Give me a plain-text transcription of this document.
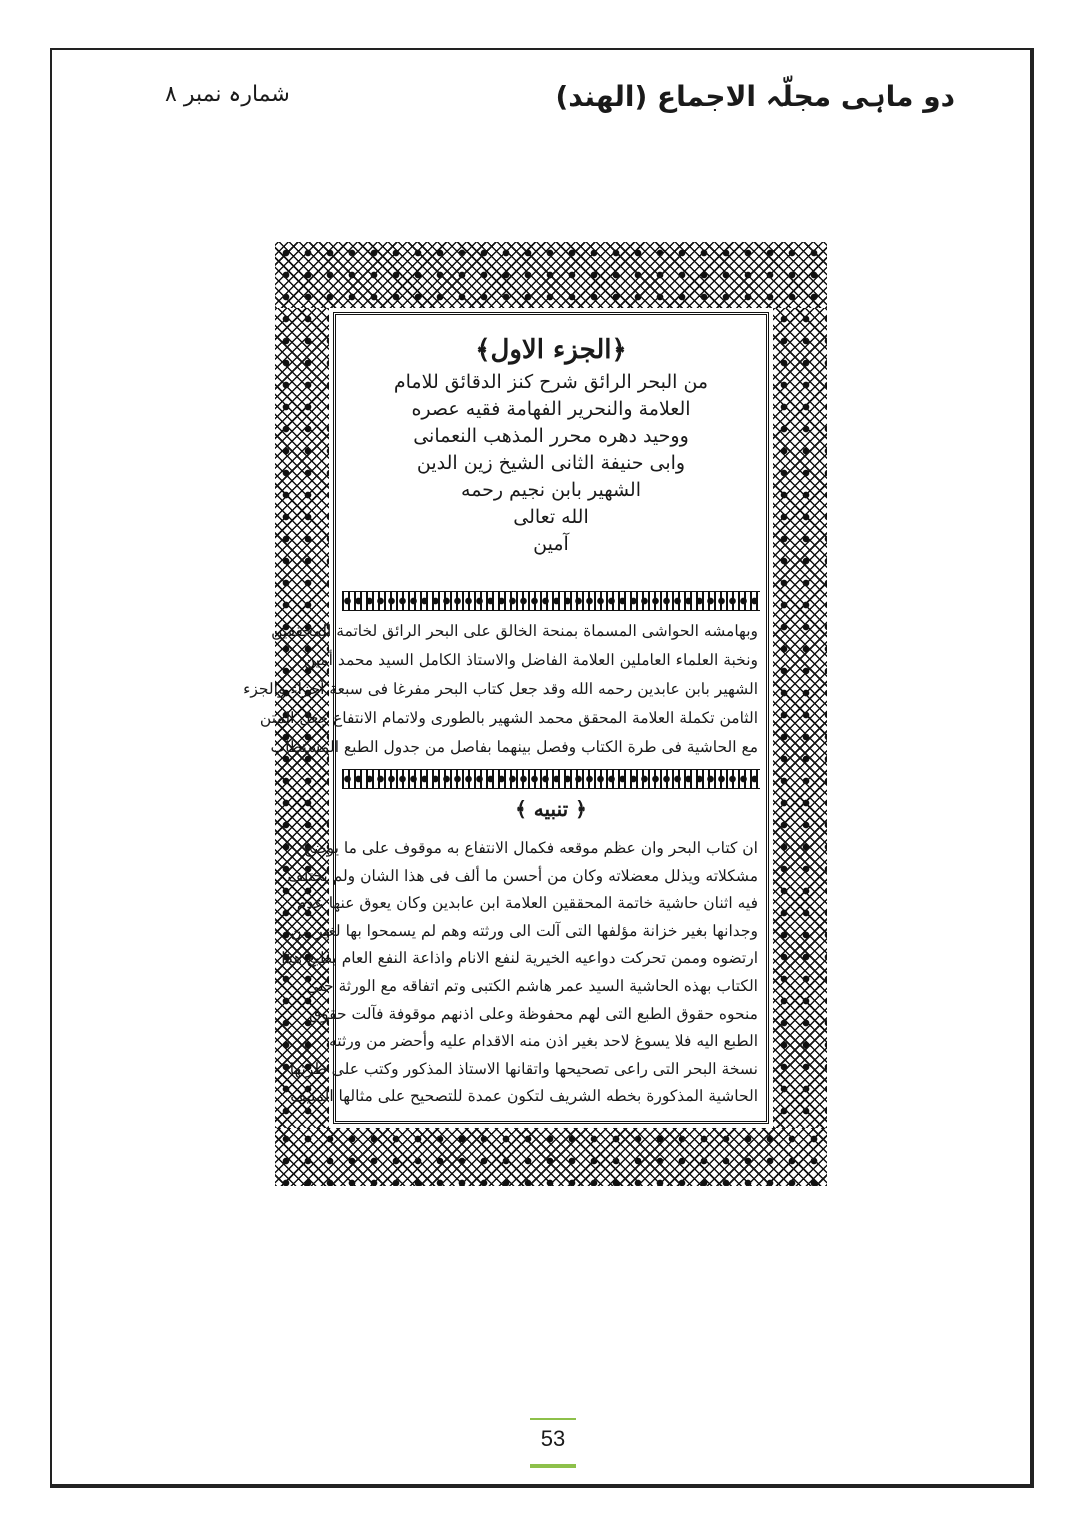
شمارہ نمبر ۸	دو ماہی مجلّہ الاجماع (الھند)

﴿الجزء الاول﴾

من البحر الرائق شرح كنز الدقائق للامام

العلامة والنحرير الفهامة فقيه عصره

ووحيد دهره محرر المذهب النعمانى

وابى حنيفة الثانى الشيخ زين الدين

الشهير بابن نجيم رحمه

الله تعالى

آمين

وبهامشه الحواشى المسماة بمنحة الخالق على البحر الرائق لخاتمة المحققين

ونخبة العلماء العاملين العلامة الفاضل والاستاذ الكامل السيد محمد أمين

الشهير بابن عابدين رحمه الله وقد جعل كتاب البحر مفرغا فى سبعة أجزاء والجزء

الثامن تكملة العلامة المحقق محمد الشهير بالطورى ولاتمام الانتفاع جعل المتن

مع الحاشية فى طرة الكتاب وفصل بينهما بفاصل من جدول الطبع المستطاب

﴿ تنبيه ﴾

ان كتاب البحر وان عظم موقعه فكمال الانتفاع به موقوف على ما يوضح

مشكلاته ويذلل معضلاته وكان من أحسن ما ألف فى هذا الشان ولم يختلف

فيه اثنان حاشية خاتمة المحققين العلامة ابن عابدين وكان يعوق عنها عدم

وجدانها بغير خزانة مؤلفها التى آلت الى ورثته وهم لم يسمحوا بها لغير من

ارتضوه وممن تحركت دواعيه الخيرية لنفع الانام واذاعة النفع العام بطبع هذا

الكتاب بهذه الحاشية السيد عمر هاشم الكتبى وتم اتفاقه مع الورثة حتى

منحوه حقوق الطبع التى لهم محفوظة وعلى اذنهم موقوفة فآلت حقوق

الطبع اليه فلا يسوغ لاحد بغير اذن منه الاقدام عليه وأحضر من ورثته

نسخة البحر التى راعى تصحيحها واتقانها الاستاذ المذكور وكتب على طرتها

الحاشية المذكورة بخطه الشريف لتكون عمدة للتصحيح على مثالها المنيف

53
